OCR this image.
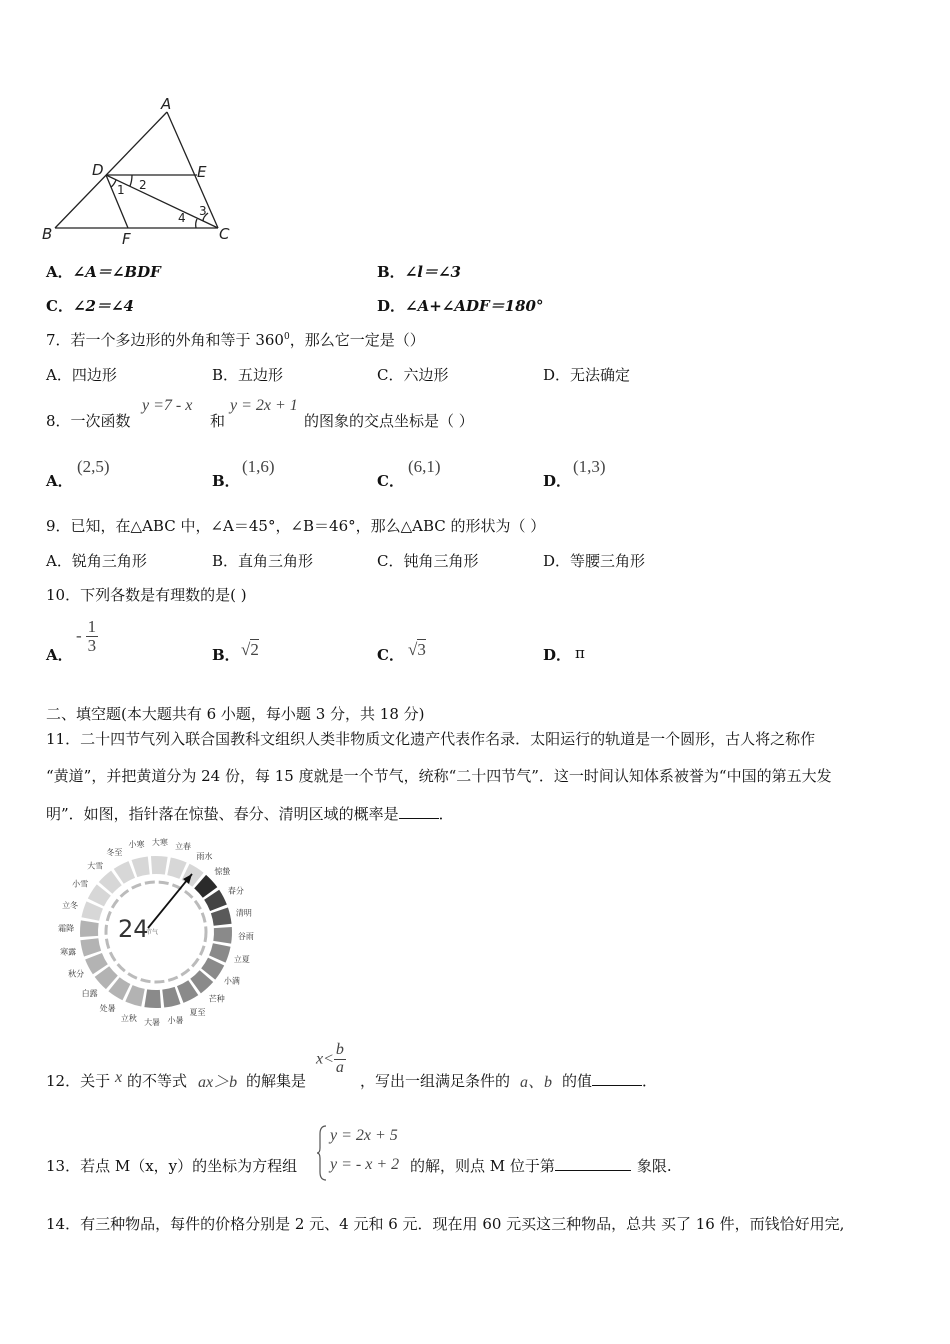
A
D	E
B	F	C
1 2
3
4
A．∠A＝∠BDF	B．∠l＝∠3
C．∠2＝∠4	D．∠A+∠ADF＝180°
7．若一个多边形的外角和等于 $360^0$，那么它一定是（）
A．四边形	B．五边形	C．六边形	D．无法确定
8．一次函数
y =7 - x
和
y = 2x + 1
的图象的交点坐标是（ ）
A．
(2,5)
B．
(1,6)
C．
(6,1)
D．
(1,3)
9．已知，在△ABC 中，∠A＝45°，∠B＝46°，那么△ABC 的形状为（ ）
A．锐角三角形	B．直角三角形	C．钝角三角形	D．等腰三角形
10．下列各数是有理数的是( )
A．
- $\frac{1}{3}$
B． √2	C． √3	D． π
二、填空题(本大题共有 6 小题，每小题 3 分，共 18 分)
11．二十四节气列入联合国教科文组织人类非物质文化遗产代表作名录．太阳运行的轨道是一个圆形，古人将之称作
“黄道”，并把黄道分为 24 份，每 15 度就是一个节气，统称“二十四节气”．这一时间认知体系被誉为“中国的第五大发
明”．如图，指针落在惊蛰、春分、清明区域的概率是	．
立春
雨水
惊蛰
春分
清明
谷雨
立夏
小满
芒种
夏至
小暑
大暑
立秋
处暑
白露
秋分
寒露
霜降
立冬
小雪
大雪
冬至
小寒 大寒
24
节气
12．关于 x 的不等式 ax＞b 的解集是
$x< \frac{b}{a}$
，写出一组满足条件的 a、b 的值	．
13．若点 M（x，y）的坐标为方程组
y = 2x + 5
y = - x + 2 的解，则点 M 位于第	象限.
14．有三种物品，每件的价格分别是 2 元、4 元和 6 元．现在用 60 元买这三种物品，总共 买了 16 件，而钱恰好用完,
